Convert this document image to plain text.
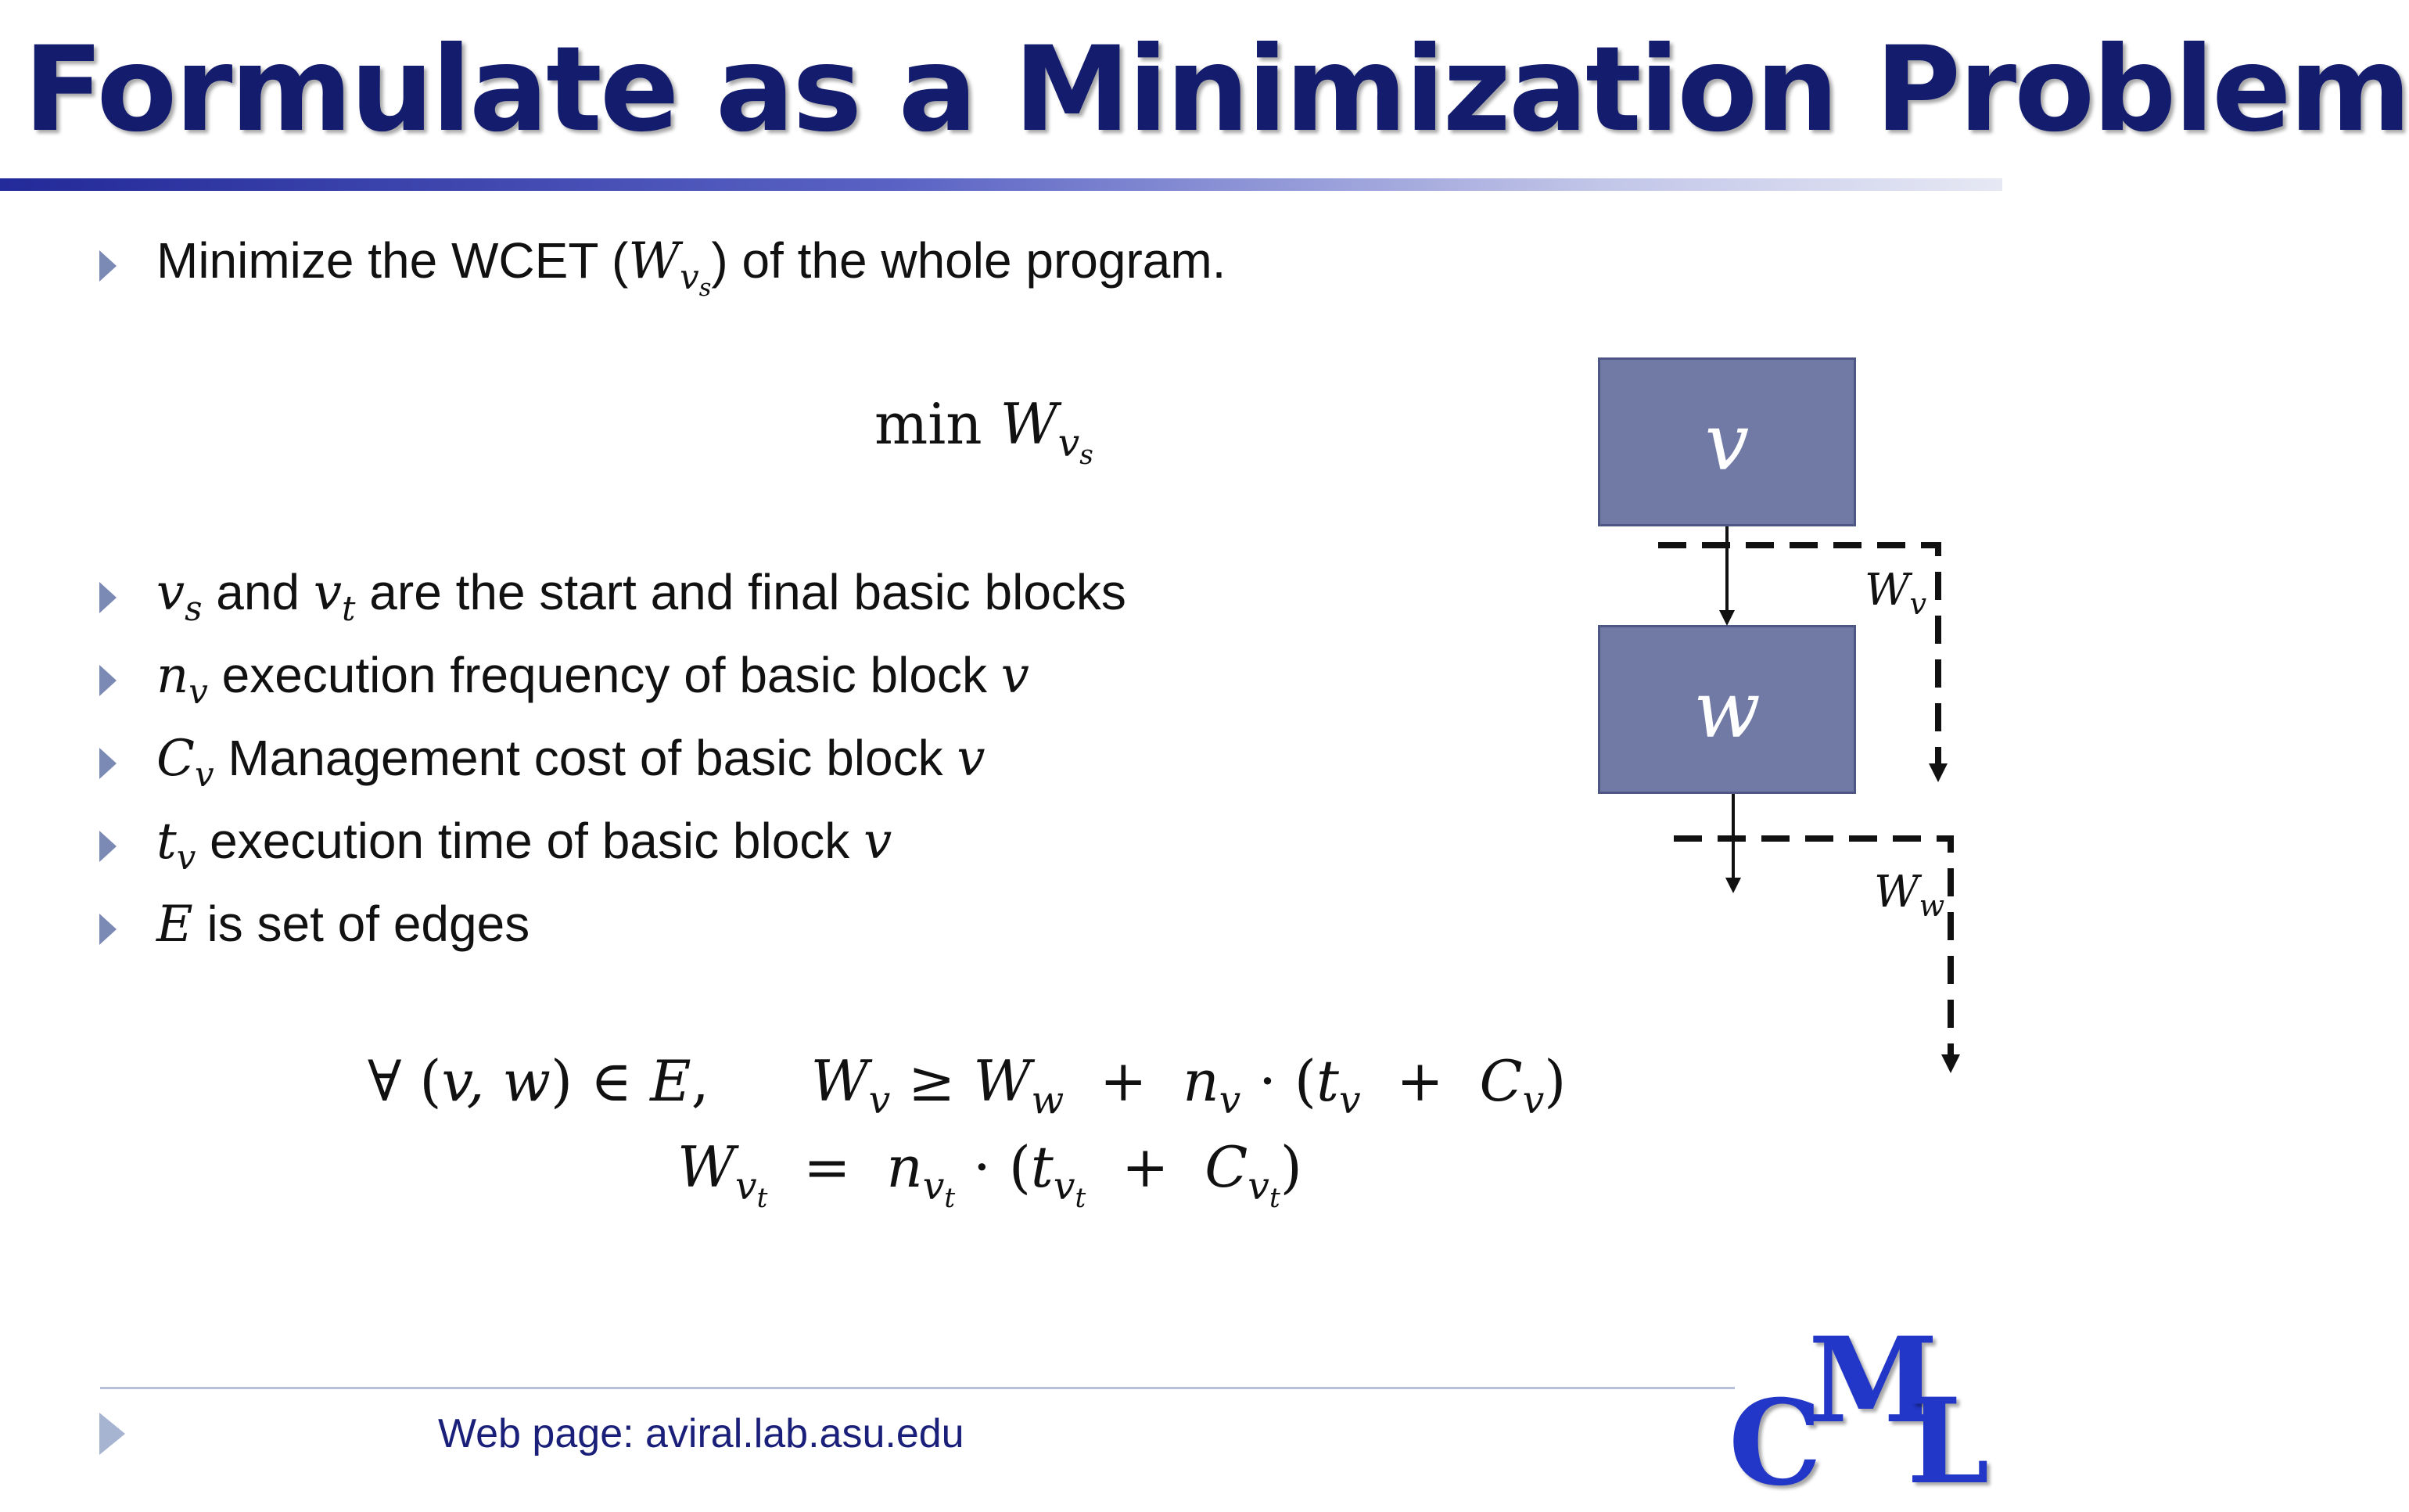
Formulate as a Minimization Problem
Minimize the WCET $(W_{v_s})$ of the whole program.
$\min W_{v_s}$
$v_s$ and $v_t$ are the start and final basic blocks
$n_v$ execution frequency of basic block v
$C_v$ Management cost of basic block v
$t_v$ execution time of basic block v
E is set of edges
∀ (v, w) ∈ E, $W_v \ge W_w + n_v \cdot (t_v + C_v)$
$W_{v_t} = n_{v_t} \cdot (t_{v_t} + C_{v_t})$
v
w
$W_v$
$W_w$
Web page: aviral.lab.asu.edu	C
M
L
